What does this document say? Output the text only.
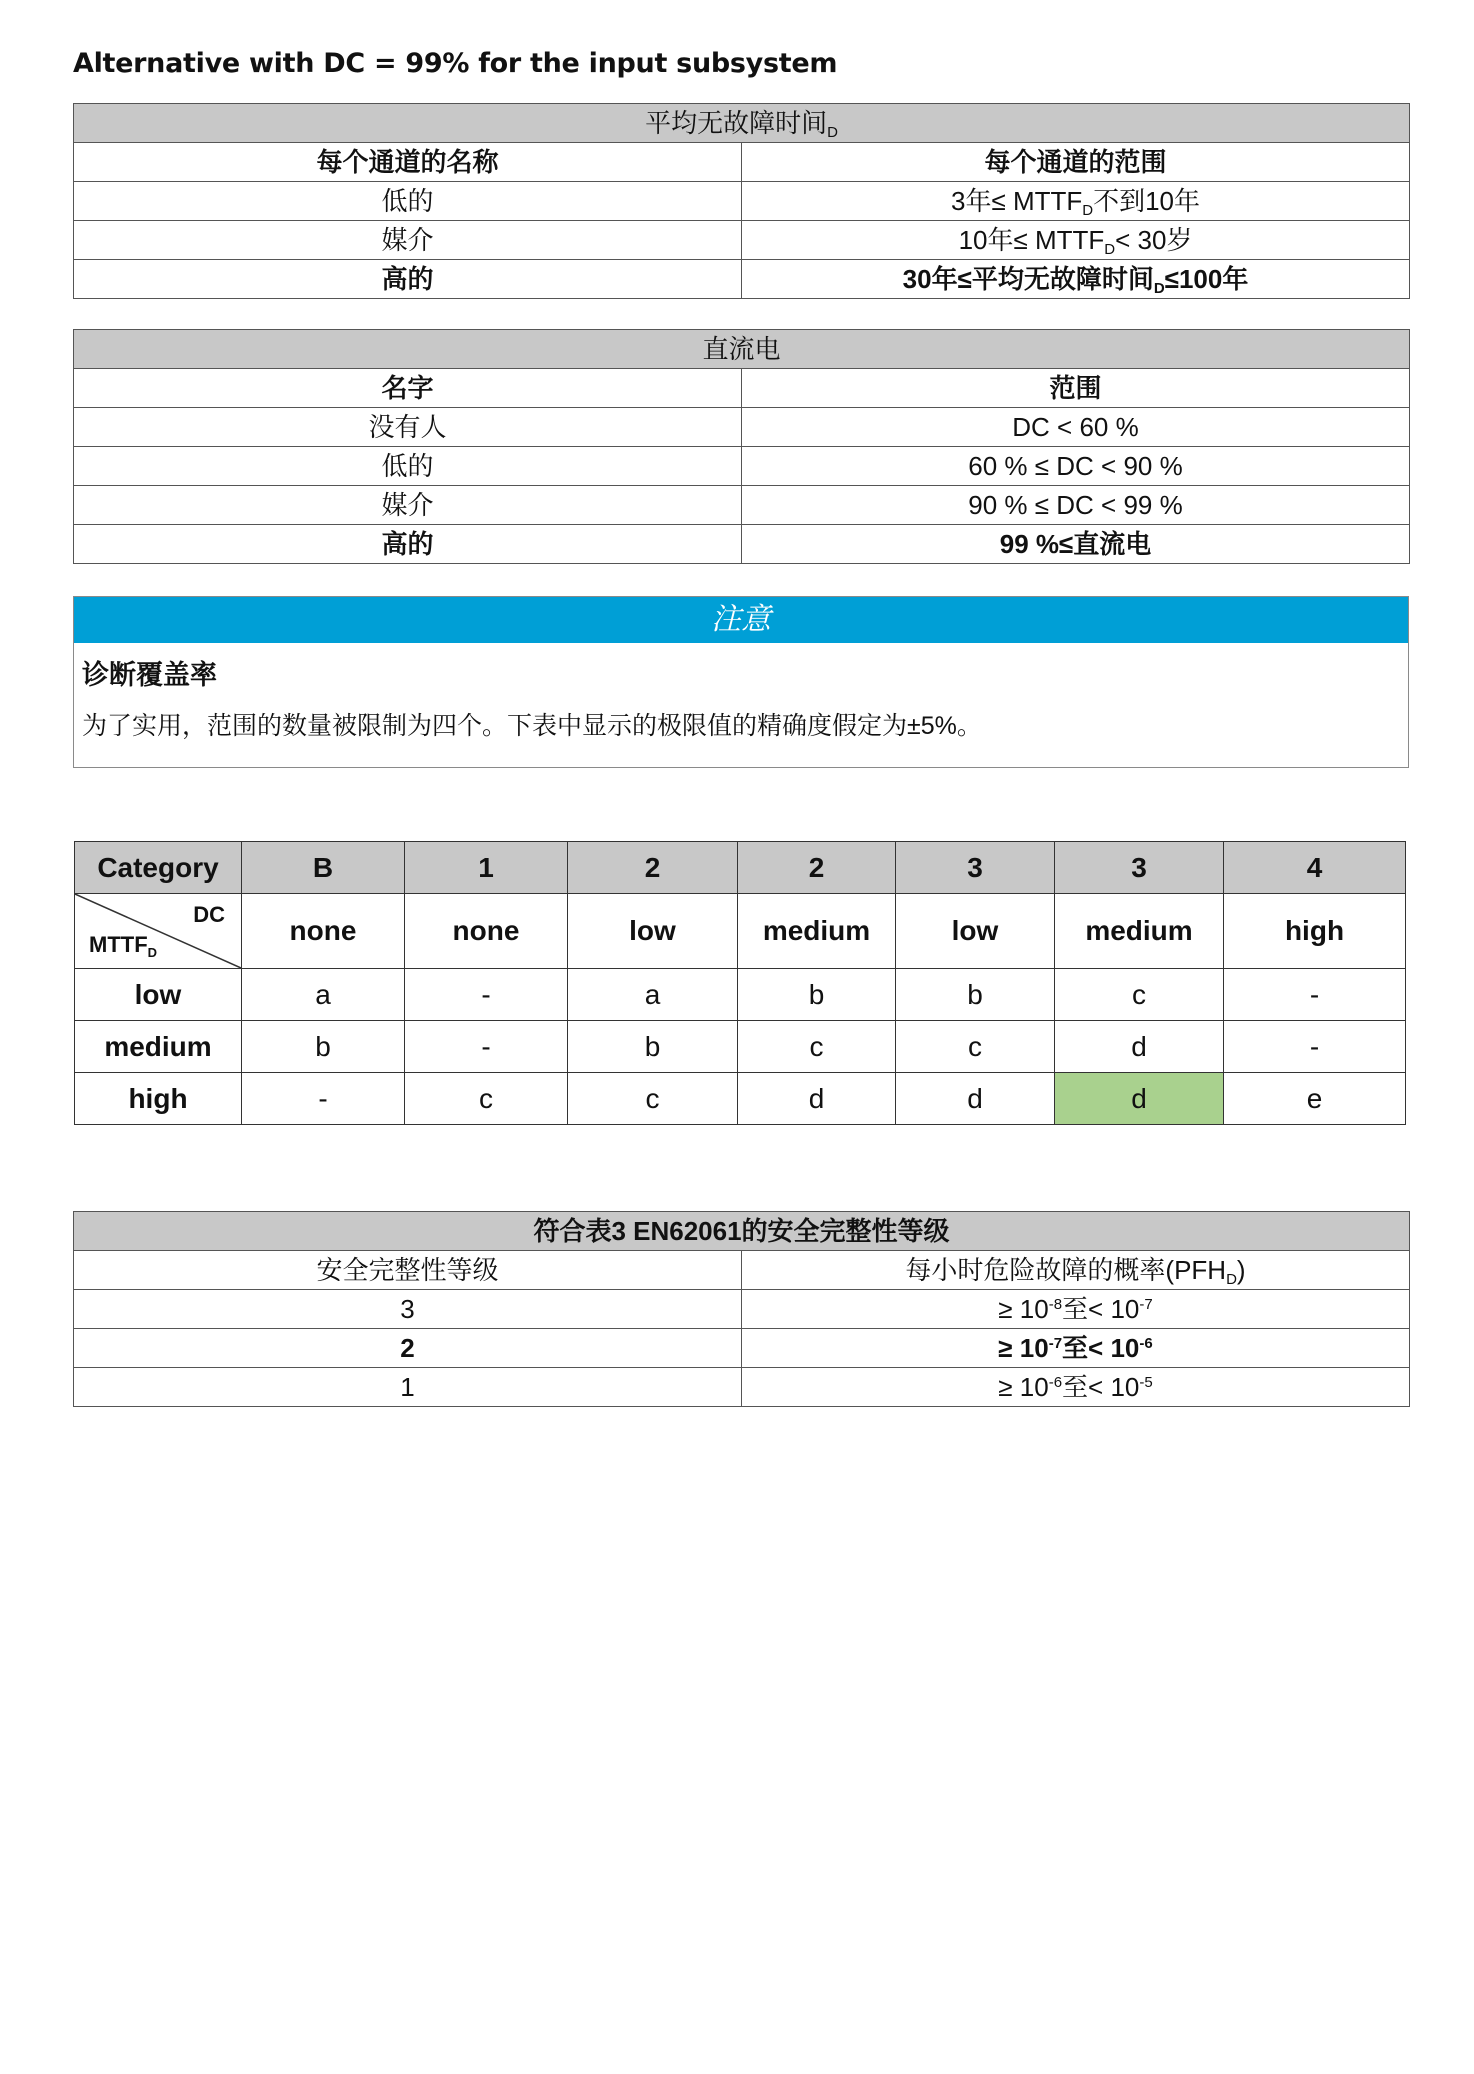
Alternative with DC = 99% for the input subsystem
平均无故障时间$_D$
每个通道的名称	每个通道的范围
低的	3年≤ $MTTF_D$不到10年
媒介	10年≤ $MTTF_D< 30$岁
高的	30年≤平均无故障时间$_D$≤100年
直流电	
名字	范围
没有人	DC < 60 %
低的	60 % ≤ DC < 90 %
媒介	90 % ≤ DC < 99 %
高的	99 %≤直流电
注意
诊断覆盖率
为了实用，范围的数量被限制为四个。下表中显示的极限值的精确度假定为±5%。
Category	B	1	2	2	3	3	4

DC
$MTTF_D$	none	none	low	medium	low	medium	high
low	a	-	a	b	b	c	-
medium	b	-	b	c	c	d	-
high	-	c	c	d	d	d	e
符合表3 EN62061的安全完整性等级	
安全完整性等级	每小时危险故障的概率$(PFH_D)$
3	≥ $10^{-8}$至< $10^{-7}$
2	≥ $10^{-7}$至< $10^{-6}$
1	≥ $10^{-6}$至< $10^{-5}$
